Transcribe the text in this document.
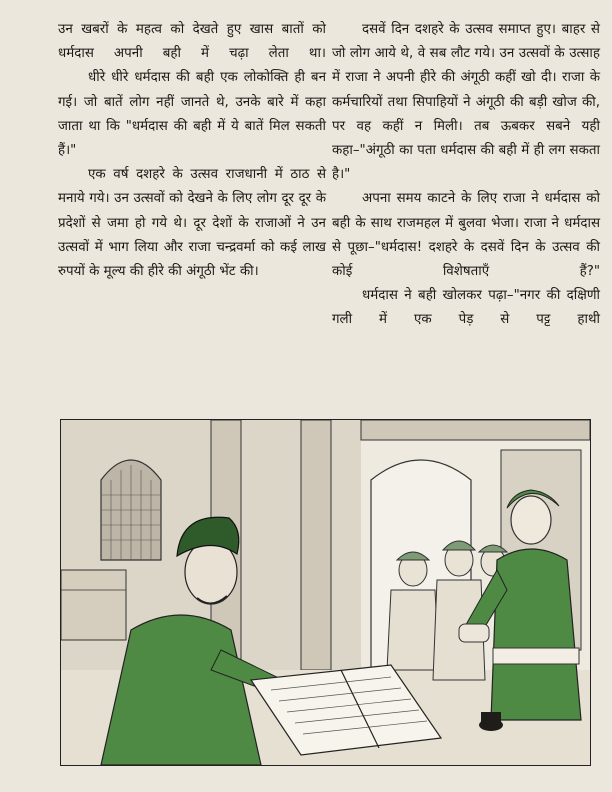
उन खबरों के महत्व को देखते हुए खास बातों को धर्मदास अपनी बही में चढ़ा लेता था।

धीरे धीरे धर्मदास की बही एक लोकोक्ति ही बन गई। जो बातें लोग नहीं जानते थे, उनके बारे में कहा जाता था कि "धर्मदास की बही में ये बातें मिल सकती हैं।"

एक वर्ष दशहरे के उत्सव राजधानी में ठाठ से मनाये गये। उन उत्सवों को देखने के लिए लोग दूर दूर के प्रदेशों से जमा हो गये थे। दूर देशों के राजाओं ने उन उत्सवों में भाग लिया और राजा चन्द्रवर्मा को कई लाख रुपयों के मूल्य की हीरे की अंगूठी भेंट की।

दसवें दिन दशहरे के उत्सव समाप्त हुए। बाहर से जो लोग आये थे, वे सब लौट गये। उन उत्सवों के उत्साह में राजा ने अपनी हीरे की अंगूठी कहीं खो दी। राजा के कर्मचारियों तथा सिपाहियों ने अंगूठी की बड़ी खोज की, पर वह कहीं न मिली। तब ऊबकर सबने यही कहा–"अंगूठी का पता धर्मदास की बही में ही लग सकता है।"

अपना समय काटने के लिए राजा ने धर्मदास को बही के साथ राजमहल में बुलवा भेजा। राजा ने धर्मदास से पूछा–"धर्मदास! दशहरे के दसवें दिन के उत्सव की कोई विशेषताएँ हैं?"

धर्मदास ने बही खोलकर पढ़ा–"नगर की दक्षिणी गली में एक पेड़ से पट्ट हाथी
